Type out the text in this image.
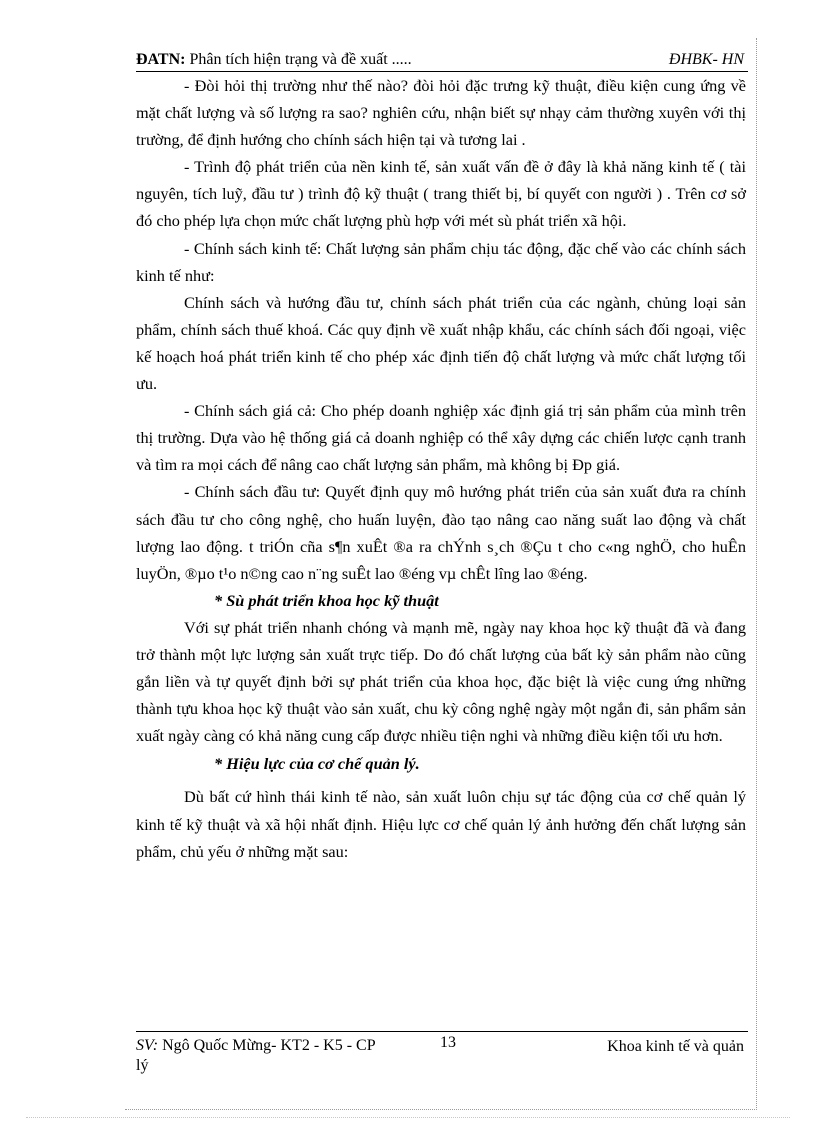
ĐATN: Phân tích hiện trạng và đề xuất .....	ĐHBK- HN

- Đòi hỏi thị trường như thế nào? đòi hỏi đặc trưng kỹ thuật, điều kiện cung ứng về mặt chất lượng và số lượng ra sao? nghiên cứu, nhận biết sự nhạy cảm thường xuyên với thị trường, để định hướng cho chính sách hiện tại và tương lai .

- Trình độ phát triển của nền kinh tế, sản xuất vấn đề ở đây là khả năng kinh tế ( tài nguyên, tích luỹ, đầu tư ) trình độ kỹ thuật ( trang thiết bị, bí quyết con người ) . Trên cơ sở đó cho phép lựa chọn mức chất lượng phù hợp với mét sù phát triển xã hội.

- Chính sách kinh tế: Chất lượng sản phẩm chịu tác động, đặc chế vào các chính sách kinh tế như:

Chính sách và hướng đầu tư, chính sách phát triển của các ngành, chủng loại sản phẩm, chính sách thuế khoá. Các quy định về xuất nhập khẩu, các chính sách đối ngoại, việc kế hoạch hoá phát triển kinh tế cho phép xác định tiến độ chất lượng và mức chất lượng tối ưu.

- Chính sách giá cả: Cho phép doanh nghiệp xác định giá trị sản phẩm của mình trên thị trường. Dựa vào hệ thống giá cả doanh nghiệp có thể xây dựng các chiến lược cạnh tranh và tìm ra mọi cách để nâng cao chất lượng sản phẩm, mà không bị Ðp giá.

- Chính sách đầu tư: Quyết định quy mô hướng phát triển của sản xuất đưa ra chính sách đầu tư cho công nghệ, cho huấn luyện, đào tạo nâng cao năng suất lao động và chất lượng lao động. t triÓn cña s¶n xuÊt ®a ra chÝnh s¸ch ®Çu t cho c«ng nghÖ, cho huÊn luyÖn, ®µo t¹o n©ng cao n¨ng suÊt lao ®éng vµ chÊt lîng lao ®éng.

* Sù phát triển khoa học kỹ thuật

Với sự phát triển nhanh chóng và mạnh mẽ, ngày nay khoa học kỹ thuật đã và đang trở thành một lực lượng sản xuất trực tiếp. Do đó chất lượng của bất kỳ sản phẩm nào cũng gắn liền và tự quyết định bởi sự phát triển của khoa học, đặc biệt là việc cung ứng những thành tựu khoa học kỹ thuật vào sản xuất, chu kỳ công nghệ ngày một ngắn đi, sản phẩm sản xuất ngày càng có khả năng cung cấp được nhiều tiện nghi và những điều kiện tối ưu hơn.

* Hiệu lực của cơ chế quản lý.

Dù bất cứ hình thái kinh tế nào, sản xuất luôn chịu sự tác động của cơ chế quản lý kinh tế kỹ thuật và xã hội nhất định. Hiệu lực cơ chế quản lý ảnh hưởng đến chất lượng sản phẩm, chủ yếu ở những mặt sau:

SV: Ngô Quốc Mừng- KT2 - K5 - CP
lý
13	Khoa kinh tế và quản
